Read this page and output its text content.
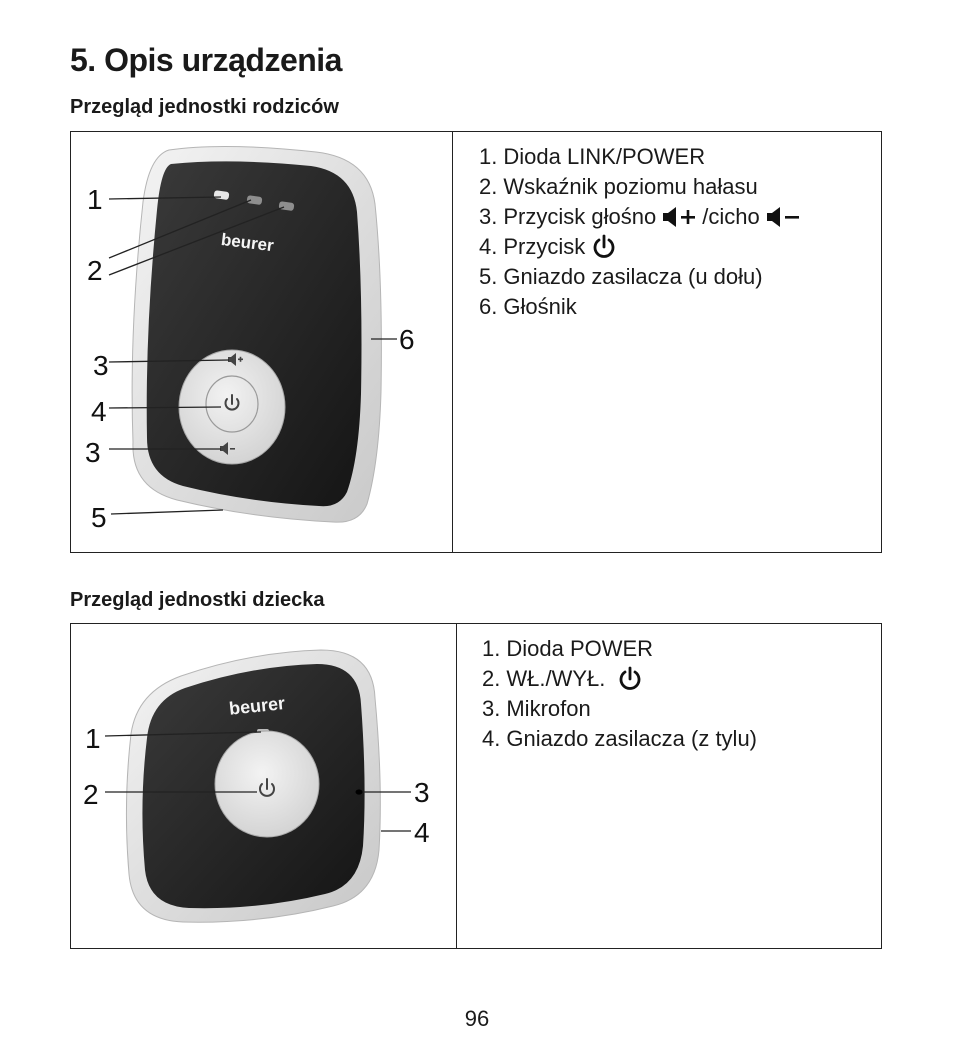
5. Opis urządzenia
Przegląd jednostki rodziców
beurer
1
2
3
4
3
5
6
1. Dioda LINK/POWER
2. Wskaźnik poziomu hałasu
3. Przycisk głośno /cicho
4. Przycisk
5. Gniazdo zasilacza (u dołu)
6. Głośnik
Przegląd jednostki dziecka
beurer
1
2	3
4
1. Dioda POWER
2. WŁ./WYŁ.
3. Mikrofon
4. Gniazdo zasilacza (z tylu)
96
